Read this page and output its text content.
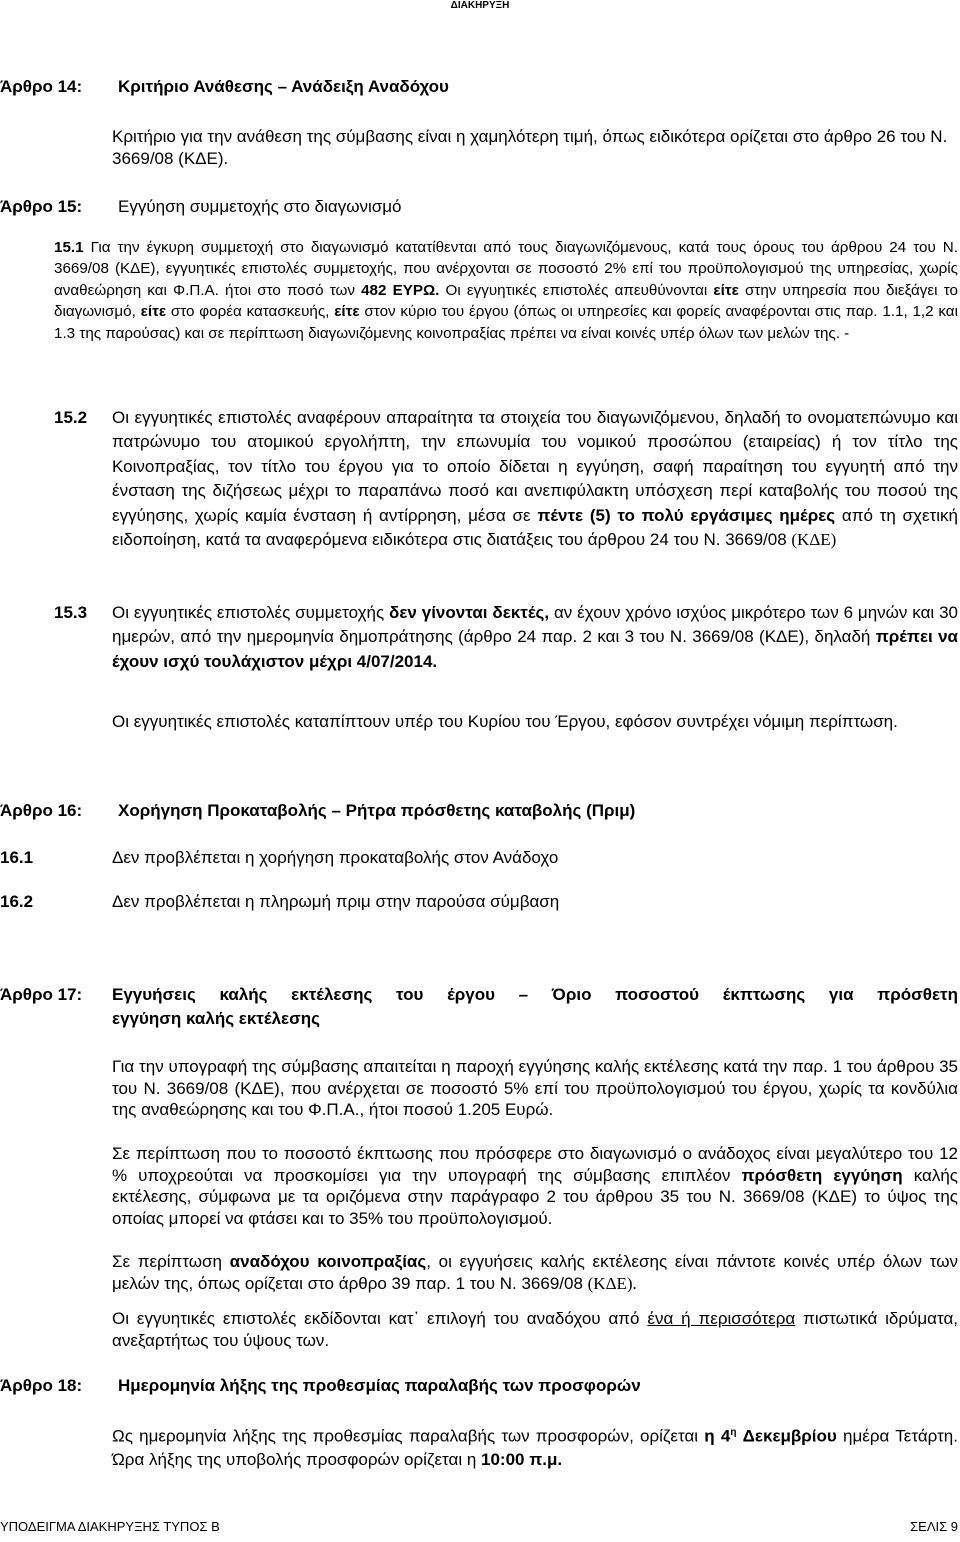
ΔΙΑΚΗΡΥΞΗ
Άρθρο 14: Κριτήριο Ανάθεσης – Ανάδειξη Αναδόχου
Κριτήριο για την ανάθεση της σύμβασης είναι η χαμηλότερη τιμή, όπως ειδικότερα ορίζεται στο άρθρο 26 του Ν. 3669/08 (ΚΔΕ).
Άρθρο 15: Εγγύηση συμμετοχής στο διαγωνισμό
15.1 Για την έγκυρη συμμετοχή στο διαγωνισμό κατατίθενται από τους διαγωνιζόμενους, κατά τους όρους του άρθρου 24 του Ν. 3669/08 (ΚΔΕ), εγγυητικές επιστολές συμμετοχής, που ανέρχονται σε ποσοστό 2% επί του προϋπολογισμού της υπηρεσίας, χωρίς αναθεώρηση και Φ.Π.Α. ήτοι στο ποσό των 482 ΕΥΡΩ. Οι εγγυητικές επιστολές απευθύνονται είτε στην υπηρεσία που διεξάγει το διαγωνισμό, είτε στο φορέα κατασκευής, είτε στον κύριο του έργου (όπως οι υπηρεσίες και φορείς αναφέρονται στις παρ. 1.1, 1,2 και 1.3 της παρούσας) και σε περίπτωση διαγωνιζόμενης κοινοπραξίας πρέπει να είναι κοινές υπέρ όλων των μελών της. -
15.2 Οι εγγυητικές επιστολές αναφέρουν απαραίτητα τα στοιχεία του διαγωνιζόμενου, δηλαδή το ονοματεπώνυμο και πατρώνυμο του ατομικού εργολήπτη, την επωνυμία του νομικού προσώπου (εταιρείας) ή τον τίτλο της Κοινοπραξίας, τον τίτλο του έργου για το οποίο δίδεται η εγγύηση, σαφή παραίτηση του εγγυητή από την ένσταση της διζήσεως μέχρι το παραπάνω ποσό και ανεπιφύλακτη υπόσχεση περί καταβολής του ποσού της εγγύησης, χωρίς καμία ένσταση ή αντίρρηση, μέσα σε πέντε (5) το πολύ εργάσιμες ημέρες από τη σχετική ειδοποίηση, κατά τα αναφερόμενα ειδικότερα στις διατάξεις του άρθρου 24 του Ν. 3669/08 (ΚΔΕ)
15.3 Οι εγγυητικές επιστολές συμμετοχής δεν γίνονται δεκτές, αν έχουν χρόνο ισχύος μικρότερο των 6 μηνών και 30 ημερών, από την ημερομηνία δημοπράτησης (άρθρο 24 παρ. 2 και 3 του Ν. 3669/08 (ΚΔΕ), δηλαδή πρέπει να έχουν ισχύ τουλάχιστον μέχρι 4/07/2014.
Οι εγγυητικές επιστολές καταπίπτουν υπέρ του Κυρίου του Έργου, εφόσον συντρέχει νόμιμη περίπτωση.
Άρθρο 16: Χορήγηση Προκαταβολής – Ρήτρα πρόσθετης καταβολής (Πριμ)
16.1	Δεν προβλέπεται η χορήγηση προκαταβολής στον Ανάδοχο
16.2	Δεν προβλέπεται η πληρωμή πριμ στην παρούσα σύμβαση
Άρθρο 17: Εγγυήσεις καλής εκτέλεσης του έργου – Όριο ποσοστού έκπτωσης για πρόσθετη
εγγύηση καλής εκτέλεσης
Για την υπογραφή της σύμβασης απαιτείται η παροχή εγγύησης καλής εκτέλεσης κατά την παρ. 1 του άρθρου 35 του Ν. 3669/08 (ΚΔΕ), που ανέρχεται σε ποσοστό 5% επί του προϋπολογισμού του έργου, χωρίς τα κονδύλια της αναθεώρησης και του Φ.Π.Α., ήτοι ποσού 1.205 Ευρώ.
Σε περίπτωση που το ποσοστό έκπτωσης που πρόσφερε στο διαγωνισμό ο ανάδοχος είναι μεγαλύτερο του 12 % υποχρεούται να προσκομίσει για την υπογραφή της σύμβασης επιπλέον πρόσθετη εγγύηση καλής εκτέλεσης, σύμφωνα με τα οριζόμενα στην παράγραφο 2 του άρθρου 35 του Ν. 3669/08 (ΚΔΕ) το ύψος της οποίας μπορεί να φτάσει και το 35% του προϋπολογισμού.
Σε περίπτωση αναδόχου κοινοπραξίας, οι εγγυήσεις καλής εκτέλεσης είναι πάντοτε κοινές υπέρ όλων των μελών της, όπως ορίζεται στο άρθρο 39 παρ. 1 του Ν. 3669/08 (ΚΔΕ).
Οι εγγυητικές επιστολές εκδίδονται κατ᾽ επιλογή του αναδόχου από ένα ή περισσότερα πιστωτικά ιδρύματα, ανεξαρτήτως του ύψους των.
Άρθρο 18: Ημερομηνία λήξης της προθεσμίας παραλαβής των προσφορών
Ως ημερομηνία λήξης της προθεσμίας παραλαβής των προσφορών, ορίζεται η $4^\eta$ Δεκεμβρίου ημέρα Τετάρτη. Ώρα λήξης της υποβολής προσφορών ορίζεται η 10:00 π.μ.
ΥΠΟΔΕΙΓΜΑ ΔΙΑΚΗΡΥΞΗΣ ΤΥΠΟΣ Β	ΣΕΛΙΣ 9
